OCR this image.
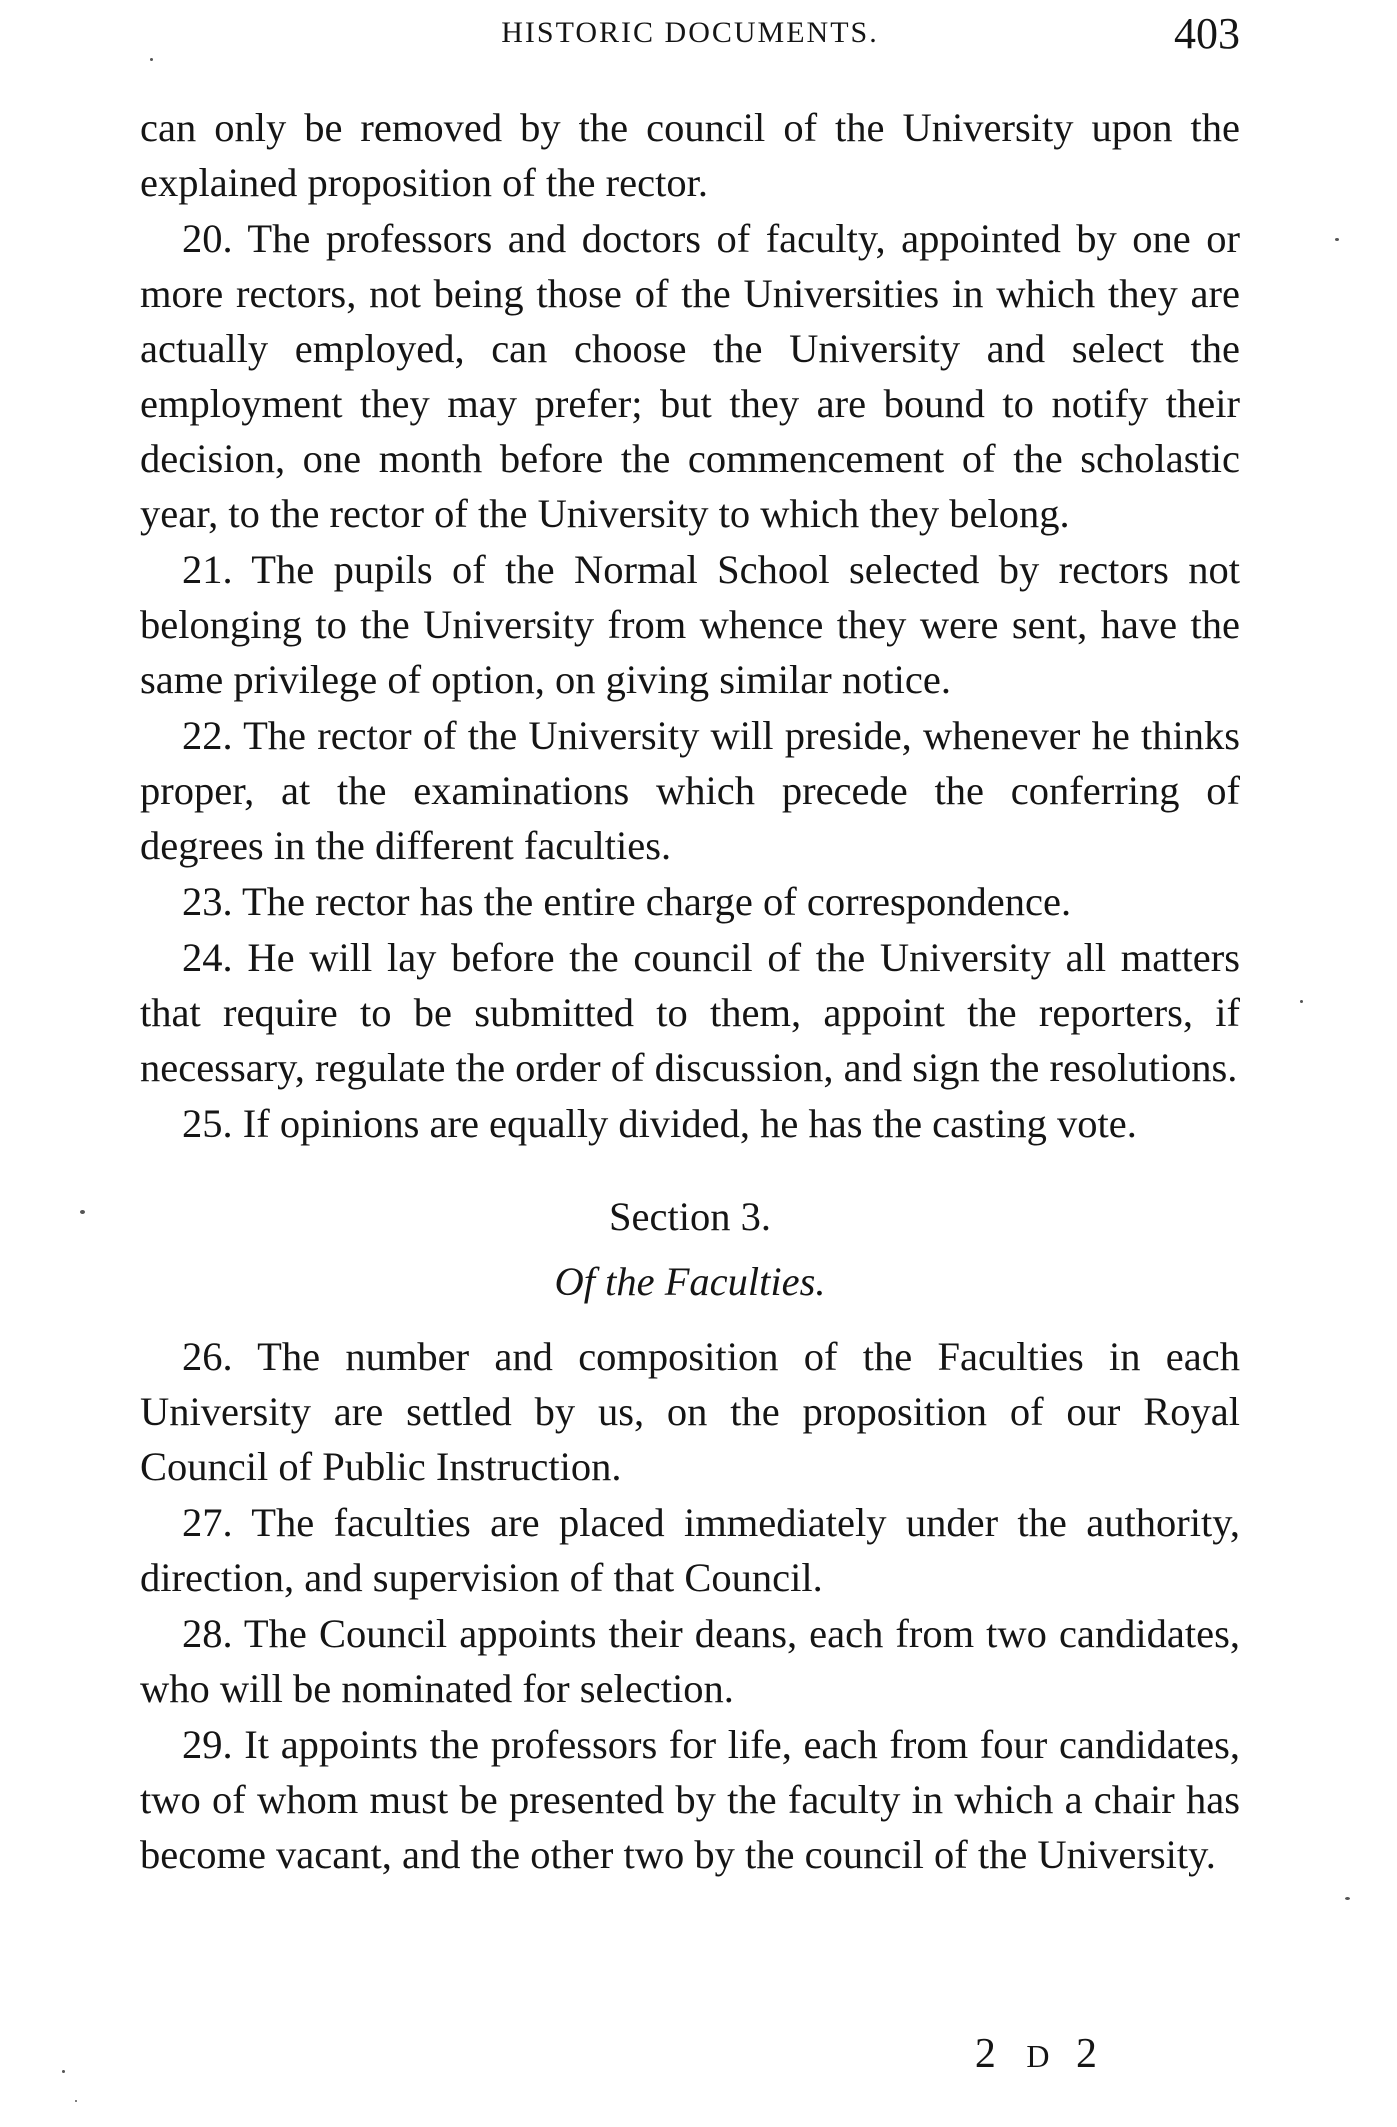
HISTORIC DOCUMENTS.	403

can only be removed by the council of the University upon the explained proposition of the rector.

20. The professors and doctors of faculty, appointed by one or more rectors, not being those of the Universities in which they are actually employed, can choose the University and select the employment they may prefer; but they are bound to notify their decision, one month before the commencement of the scholastic year, to the rector of the University to which they belong.

21. The pupils of the Normal School selected by rectors not belonging to the University from whence they were sent, have the same privilege of option, on giving similar notice.

22. The rector of the University will preside, whenever he thinks proper, at the examinations which precede the conferring of degrees in the different faculties.

23. The rector has the entire charge of correspondence.

24. He will lay before the council of the University all matters that require to be submitted to them, appoint the reporters, if necessary, regulate the order of discussion, and sign the resolutions.

25. If opinions are equally divided, he has the casting vote.

Section 3.
Of the Faculties.

26. The number and composition of the Faculties in each University are settled by us, on the proposition of our Royal Council of Public Instruction.

27. The faculties are placed immediately under the authority, direction, and supervision of that Council.

28. The Council appoints their deans, each from two candidates, who will be nominated for selection.

29. It appoints the professors for life, each from four candidates, two of whom must be presented by the faculty in which a chair has become vacant, and the other two by the council of the University.

2 D 2
